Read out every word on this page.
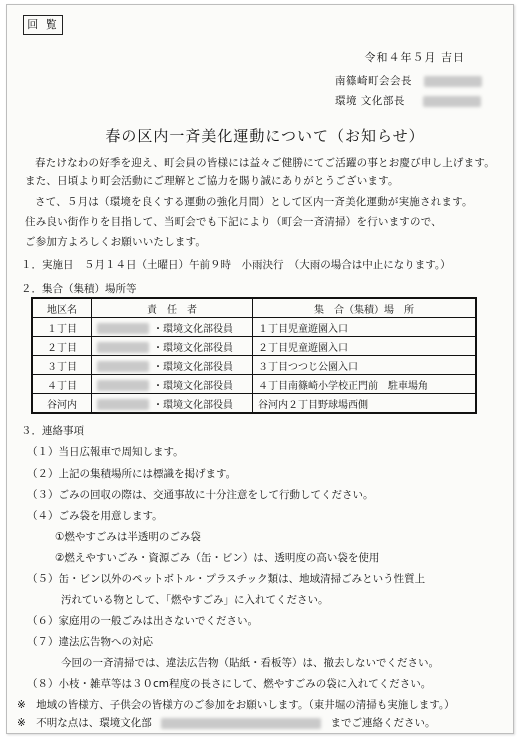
回 覧
令和４年５月 吉日
南篠崎町会会長
環境 文化部長
春の区内一斉美化運動について（お知らせ）
春たけなわの好季を迎え、町会員の皆様には益々ご健勝にてご活躍の事とお慶び申し上げます。
また、日頃より町会活動にご理解とご協力を賜り誠にありがとうございます。
さて、５月は（環境を良くする運動の強化月間）として区内一斉美化運動が実施されます。
住み良い街作りを目指して、当町会でも下記により（町会一斉清掃）を行いますので、
ご参加方よろしくお願いいたします。
１．実施日　５月１４日（土曜日）午前９時　小雨決行　（大雨の場合は中止になります。）
２．集合（集積）場所等
地区名	責　任　者	集　合（集積）場　所
１丁目	・環境文化部役員	１丁目児童遊園入口
２丁目	・環境文化部役員	２丁目児童遊園入口
３丁目	・環境文化部役員	３丁目つつじ公園入口
４丁目	・環境文化部役員	４丁目南篠崎小学校正門前　駐車場角
谷河内	・環境文化部役員	谷河内２丁目野球場西側
３．連絡事項
（１）当日広報車で周知します。
（２）上記の集積場所には標識を掲げます。
（３）ごみの回収の際は、交通事故に十分注意をして行動してください。
（４）ごみ袋を用意します。
①燃やすごみは半透明のごみ袋
②燃えやすいごみ・資源ごみ（缶・ビン）は、透明度の高い袋を使用
（５）缶・ビン以外のペットボトル・プラスチック類は、地域清掃ごみという性質上
汚れている物として、「燃やすごみ」に入れてください。
（６）家庭用の一般ごみは出さないでください。
（７）違法広告物への対応
今回の一斉清掃では、違法広告物（貼紙・看板等）は、撤去しないでください。
（８）小枝・雑草等は３０cm程度の長さにして、燃やすごみの袋に入れてください。
※　地域の皆様方、子供会の皆様方のご参加をお願いします。（東井堀の清掃も実施します。）
※　不明な点は、環境文化部	までご連絡ください。
